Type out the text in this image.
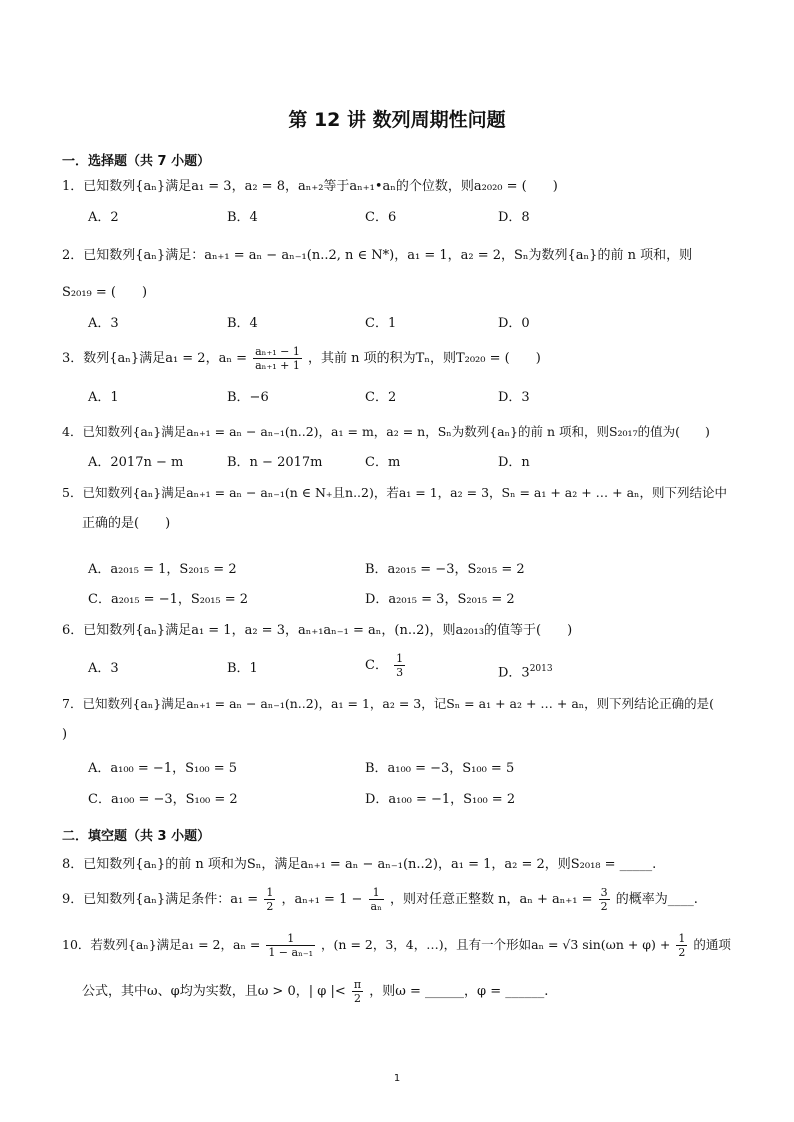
第 12 讲 数列周期性问题
一．选择题（共 7 小题）
1．已知数列{aₙ}满足a₁ = 3，a₂ = 8，aₙ₊₂等于aₙ₊₁•aₙ的个位数，则a₂₀₂₀ = (　　)
A．2	B．4	C．6	D．8
2．已知数列{aₙ}满足：aₙ₊₁ = aₙ − aₙ₋₁(n..2, n ∈ N*)，a₁ = 1，a₂ = 2，Sₙ为数列{aₙ}的前 n 项和，则
S₂₀₁₉ = (　　)
A．3	B．4	C．1	D．0
3．数列{aₙ}满足a₁ = 2，$a_n = \frac{\text{aₙ₊₁ − 1}}{\text{aₙ₊₁ + 1}}$ ，其前 n 项的积为Tₙ，则T₂₀₂₀ = (　　)
A．1	B．−6	C．2	D．3
4．已知数列{aₙ}满足aₙ₊₁ = aₙ − aₙ₋₁(n..2)，a₁ = m，a₂ = n，Sₙ为数列{aₙ}的前 n 项和，则S₂₀₁₇的值为(　　)
A．2017n − m	B．n − 2017m	C．m	D．n
5．已知数列{aₙ}满足aₙ₊₁ = aₙ − aₙ₋₁(n ∈ N₊且n..2)，若a₁ = 1，a₂ = 3，Sₙ = a₁ + a₂ + … + aₙ，则下列结论中
正确的是(　　)
A．a₂₀₁₅ = 1，S₂₀₁₅ = 2	B．a₂₀₁₅ = −3，S₂₀₁₅ = 2
C．a₂₀₁₅ = −1，S₂₀₁₅ = 2	D．a₂₀₁₅ = 3，S₂₀₁₅ = 2
6．已知数列{aₙ}满足a₁ = 1，a₂ = 3，aₙ₊₁aₙ₋₁ = aₙ，(n..2)，则a₂₀₁₃的值等于(　　)
A．3	B．1	C． $\frac{1}{3}$	D．$3^{2013}$
7．已知数列{aₙ}满足aₙ₊₁ = aₙ − aₙ₋₁(n..2)，a₁ = 1，a₂ = 3，记Sₙ = a₁ + a₂ + … + aₙ，则下列结论正确的是(
)
A．a₁₀₀ = −1，S₁₀₀ = 5	B．a₁₀₀ = −3，S₁₀₀ = 5
C．a₁₀₀ = −3，S₁₀₀ = 2	D．a₁₀₀ = −1，S₁₀₀ = 2
二．填空题（共 3 小题）
8．已知数列{aₙ}的前 n 项和为Sₙ，满足aₙ₊₁ = aₙ − aₙ₋₁(n..2)，a₁ = 1，a₂ = 2，则S₂₀₁₈ = _____.
9．已知数列{aₙ}满足条件：$a_1 = \frac{1}{2}$ ，$a_{n+1} = 1 - \frac{1}{\text{aₙ}}$ ，则对任意正整数 n，$a_n + a_{n+1} = \frac{3}{2}$ 的概率为____.
10．若数列{aₙ}满足a₁ = 2，$a_n = \frac{1}{\text{1 − aₙ₋₁}}$ ，(n = 2，3，4，…)，且有一个形如aₙ = √3 $\sin(\omega n + \varphi) + \frac{1}{2}$ 的通项
公式，其中ω、φ均为实数，且ω > 0，| φ |< $\frac{\pi}{2}$ ，则ω = ______，φ = ______.
1
